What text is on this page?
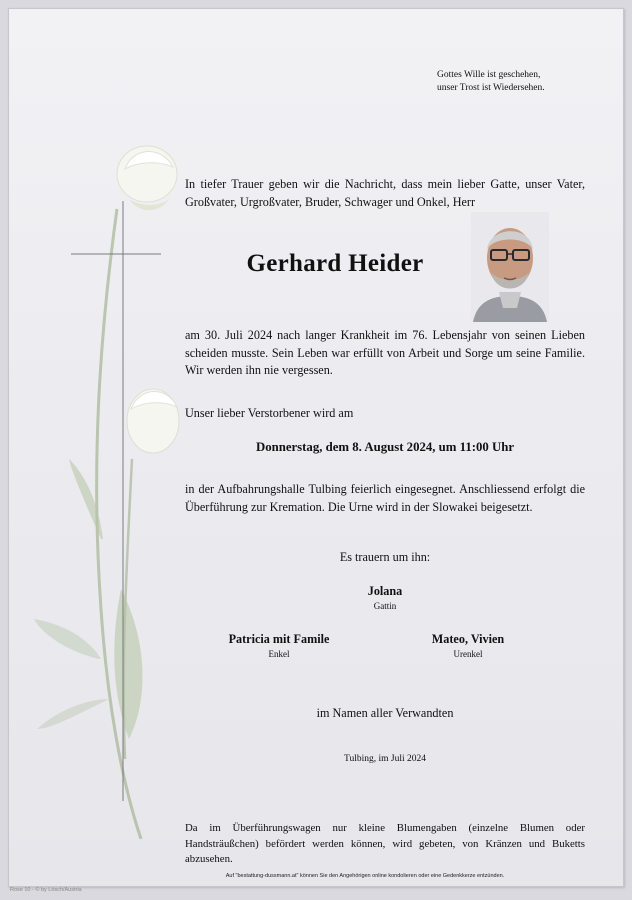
Gottes Wille ist geschehen,
unser Trost ist Wiedersehen.
In tiefer Trauer geben wir die Nachricht, dass mein lieber Gatte, unser Vater, Großvater, Urgroßvater, Bruder, Schwager und Onkel, Herr
Gerhard Heider
am 30. Juli 2024 nach langer Krankheit im 76. Lebensjahr von seinen Lieben scheiden musste. Sein Leben war erfüllt von Arbeit und Sorge um seine Familie. Wir werden ihn nie vergessen.
Unser lieber Verstorbener wird am
Donnerstag, dem 8. August 2024, um 11:00 Uhr
in der Aufbahrungshalle Tulbing feierlich eingesegnet. Anschliessend erfolgt die Überführung zur Kremation. Die Urne wird in der Slowakei beigesetzt.
Es trauern um ihn:
Jolana
Gattin
Patricia mit Famile
Enkel
Mateo, Vivien
Urenkel
im Namen aller Verwandten
Tulbing, im Juli 2024
Da im Überführungswagen nur kleine Blumengaben (einzelne Blumen oder Handsträußchen) befördert werden können, wird gebeten, von Kränzen und Buketts abzusehen.
Auf "bestattung-dussmann.at" können Sie den Angehörigen online kondolieren oder eine Gedenkkerze entzünden.
Rose 10 - © by Lösch/Austria
